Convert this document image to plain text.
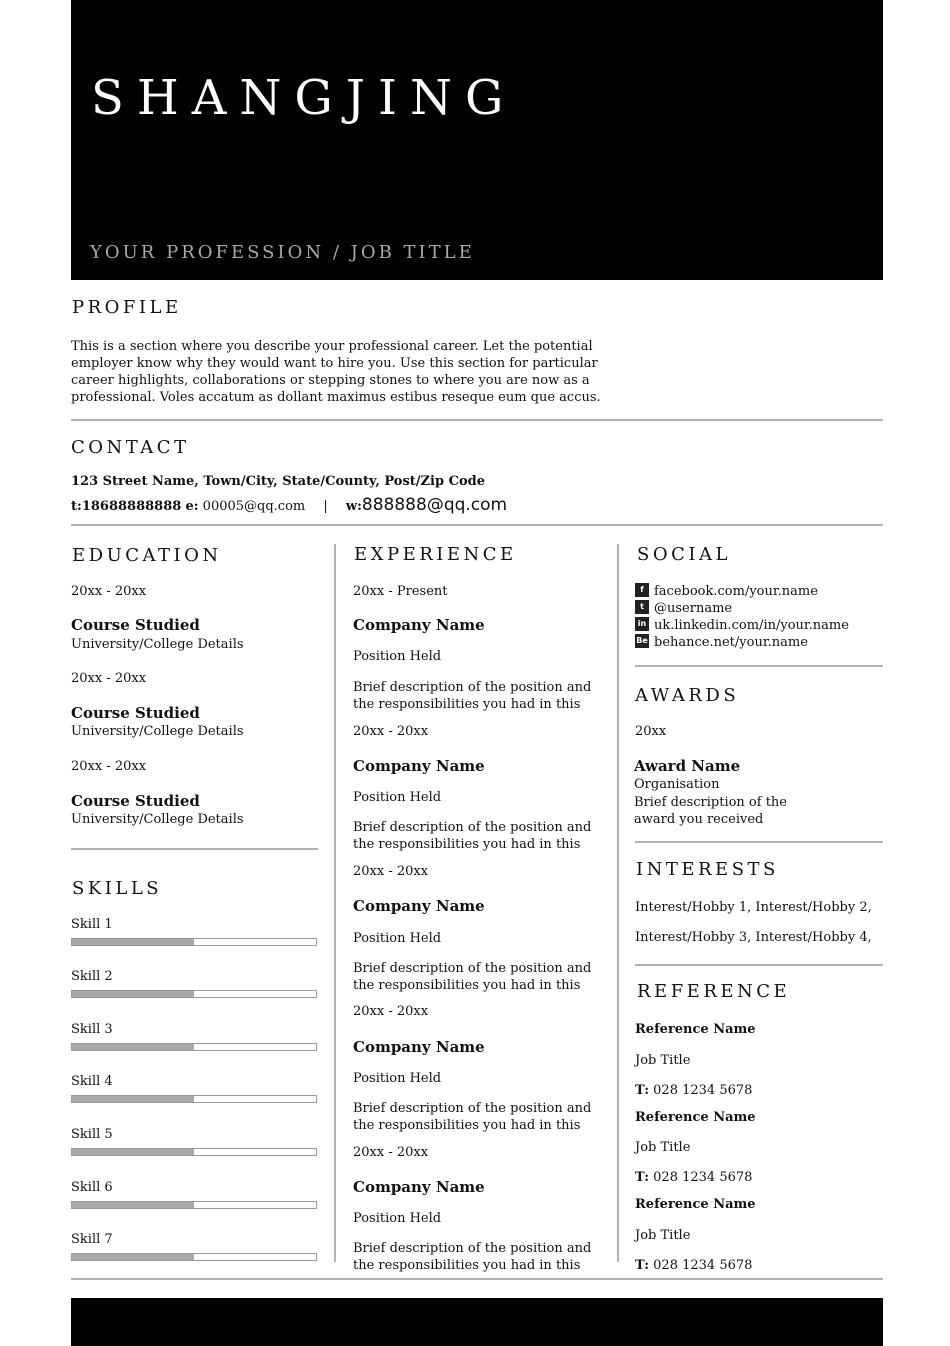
SHANGJING
YOUR PROFESSION / JOB TITLE
PROFILE
This is a section where you describe your professional career. Let the potential employer know why they would want to hire you. Use this section for particular career highlights, collaborations or stepping stones to where you are now as a professional. Voles accatum as dollant maximus estibus reseque eum que accus.
CONTACT
123 Street Name, Town/City, State/County, Post/Zip Code
t:18688888888 e: 00005@qq.com | w:888888@qq.com
EDUCATION
20xx - 20xx
Course Studied
University/College Details
20xx - 20xx
Course Studied
University/College Details
20xx - 20xx
Course Studied
University/College Details
SKILLS
Skill 1
Skill 2
Skill 3
Skill 4
Skill 5
Skill 6
Skill 7
EXPERIENCE
20xx - Present
Company Name
Position Held
Brief description of the position and the responsibilities you had in this
20xx - 20xx
Company Name
Position Held
Brief description of the position and the responsibilities you had in this
20xx - 20xx
Company Name
Position Held
Brief description of the position and the responsibilities you had in this
20xx - 20xx
Company Name
Position Held
Brief description of the position and the responsibilities you had in this
20xx - 20xx
Company Name
Position Held
Brief description of the position and the responsibilities you had in this
SOCIAL
f facebook.com/your.name
t @username
in uk.linkedin.com/in/your.name
Be behance.net/your.name
AWARDS
20xx
Award Name
Organisation
Brief description of the
award you received
INTERESTS
Interest/Hobby 1, Interest/Hobby 2,
Interest/Hobby 3, Interest/Hobby 4,
REFERENCE
Reference Name
Job Title
T: 028 1234 5678
Reference Name
Job Title
T: 028 1234 5678
Reference Name
Job Title
T: 028 1234 5678
